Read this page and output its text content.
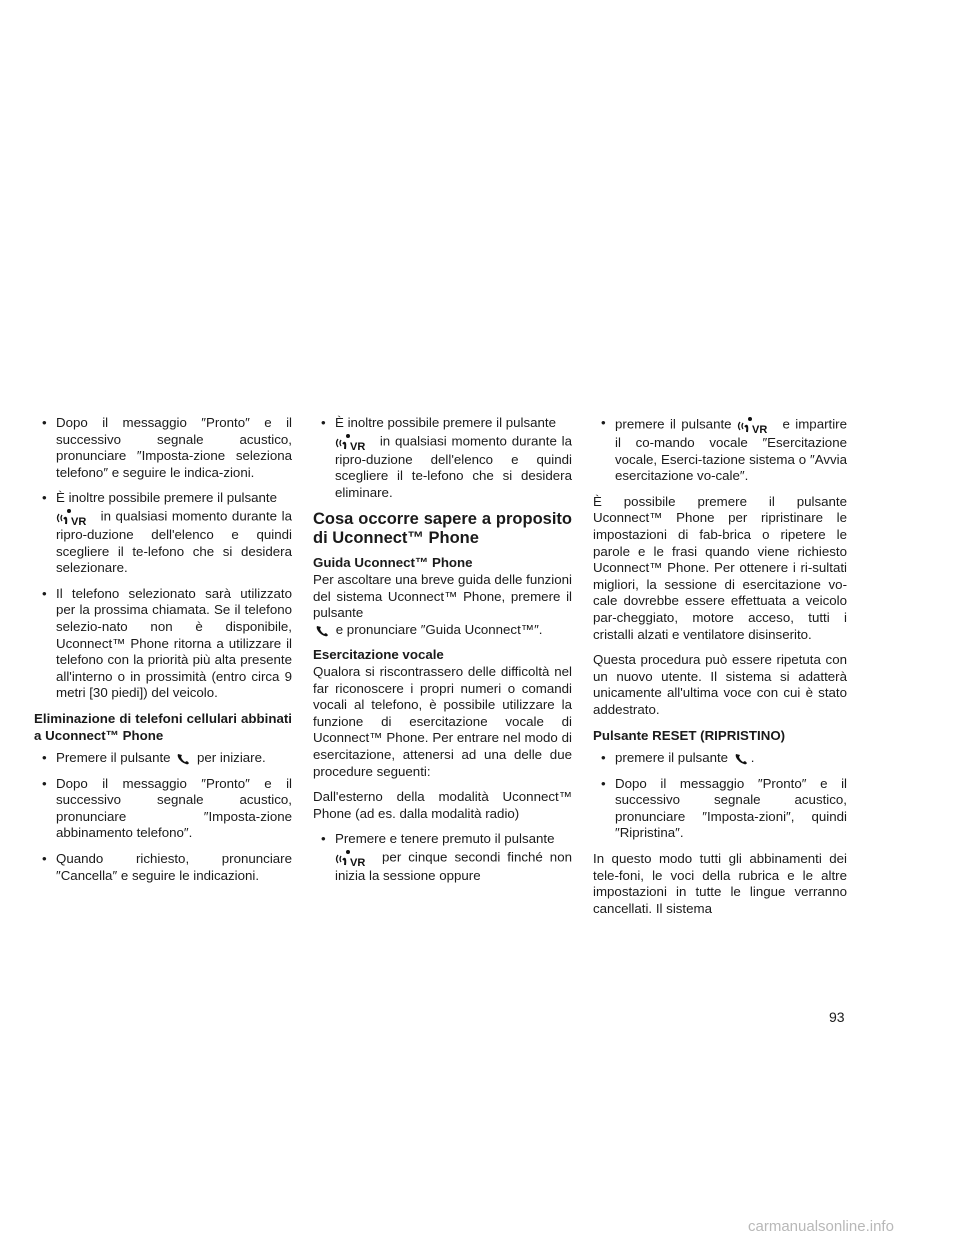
• Dopo il messaggio ″Pronto″ e il successivo segnale acustico, pronunciare ″Imposta-zione seleziona telefono″ e seguire le indica-zioni.
• È inoltre possibile premere il pulsante

VR in qualsiasi momento durante la ripro-duzione dell'elenco e quindi scegliere il te-lefono che si desidera selezionare.
• Il telefono selezionato sarà utilizzato per la prossima chiamata. Se il telefono selezio-nato non è disponibile, Uconnect™ Phone ritorna a utilizzare il telefono con la priorità più alta presente all'interno o in prossimità (entro circa 9 metri [30 piedi]) del veicolo.

Eliminazione di telefoni cellulari abbinati a Uconnect™ Phone

• Premere il pulsante per iniziare.
• Dopo il messaggio ″Pronto″ e il successivo segnale acustico, pronunciare ″Imposta-zione abbinamento telefono″.
• Quando richiesto, pronunciare ″Cancella″ e seguire le indicazioni.
• È inoltre possibile premere il pulsante

VR in qualsiasi momento durante la ripro-duzione dell'elenco e quindi scegliere il te-lefono che si desidera eliminare.

Cosa occorre sapere a proposito di Uconnect™ Phone

Guida Uconnect™ Phone

Per ascoltare una breve guida delle funzioni del sistema Uconnect™ Phone, premere il pulsante
e pronunciare ″Guida Uconnect™″.

Esercitazione vocale

Qualora si riscontrassero delle difficoltà nel far riconoscere i propri numeri o comandi vocali al telefono, è possibile utilizzare la funzione di esercitazione vocale di Uconnect™ Phone. Per entrare nel modo di esercitazione, attenersi ad una delle due procedure seguenti:

Dall'esterno della modalità Uconnect™ Phone (ad es. dalla modalità radio)

• Premere e tenere premuto il pulsante

VR per cinque secondi finché non inizia la sessione oppure
• premere il pulsante VR e impartire il co-mando vocale ″Esercitazione vocale, Eserci-tazione sistema o ″Avvia esercitazione vo-cale″.

È possibile premere il pulsante Uconnect™ Phone per ripristinare le impostazioni di fab-brica o ripetere le parole e le frasi quando viene richiesto Uconnect™ Phone. Per ottenere i ri-sultati migliori, la sessione di esercitazione vo-cale dovrebbe essere effettuata a veicolo par-cheggiato, motore acceso, tutti i cristalli alzati e ventilatore disinserito.

Questa procedura può essere ripetuta con un nuovo utente. Il sistema si adatterà unicamente all'ultima voce con cui è stato addestrato.

Pulsante RESET (RIPRISTINO)

• premere il pulsante .
• Dopo il messaggio ″Pronto″ e il successivo segnale acustico, pronunciare ″Imposta-zioni″, quindi ″Ripristina″.

In questo modo tutti gli abbinamenti dei tele-foni, le voci della rubrica e le altre impostazioni in tutte le lingue verranno cancellati. Il sistema

93
carmanualsonline.info
